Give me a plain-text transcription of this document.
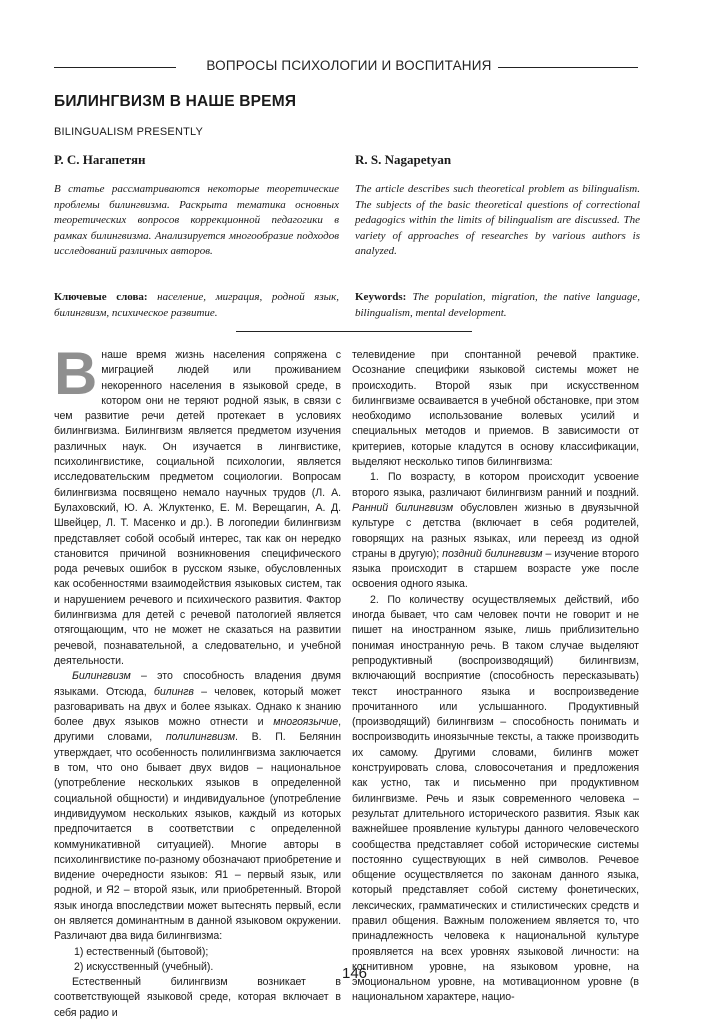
ВОПРОСЫ ПСИХОЛОГИИ И ВОСПИТАНИЯ
БИЛИНГВИЗМ В НАШЕ ВРЕМЯ
BILINGUALISM PRESENTLY
Р. С. Нагапетян	R. S. Nagapetyan
В статье рассматриваются некоторые теоретические проблемы билингвизма. Раскрыта тематика основных теоретических вопросов коррекционной педагогики в рамках билингвизма. Анализируется многообразие подходов исследований различных авторов.
The article describes such theoretical problem as bilingualism. The subjects of the basic theoretical questions of correctional pedagogics within the limits of bilingualism are discussed. The variety of approaches of researches by various authors is analyzed.
Ключевые слова: население, миграция, родной язык, билингвизм, психическое развитие.
Keywords: The population, migration, the native language, bilingualism, mental development.

Внаше время жизнь населения сопряжена с миграцией людей или проживанием некоренного населения в языковой среде, в котором они не теряют родной язык, в связи с чем развитие речи детей протекает в условиях билингвизма. Билингвизм является предметом изучения различных наук. Он изучается в лингвистике, психолингвистике, социальной психологии, является исследовательским предметом социологии. Вопросам билингвизма посвящено немало научных трудов (Л. А. Булаховский, Ю. А. Жлуктенко, Е. М. Верещагин, А. Д. Швейцер, Л. Т. Масенко и др.). В логопедии билингвизм представляет собой особый интерес, так как он нередко становится причиной возникновения специфического рода речевых ошибок в русском языке, обусловленных как особенностями взаимодействия языковых систем, так и нарушением речевого и психического развития. Фактор билингвизма для детей с речевой патологией является отягощающим, что не может не сказаться на развитии речевой, познавательной, а следовательно, и учебной деятельности.

Билингвизм – это способность владения двумя языками. Отсюда, билингв – человек, который может разговаривать на двух и более языках. Однако к знанию более двух языков можно отнести и многоязычие, другими словами, полилингвизм. В. П. Белянин утверждает, что особенность полилингвизма заключается в том, что оно бывает двух видов – национальное (употребление нескольких языков в определенной социальной общности) и индивидуальное (употребление индивидуумом нескольких языков, каждый из которых предпочитается в соответствии с определенной коммуникативной ситуацией). Многие авторы в психолингвистике по-разному обозначают приобретение и видение очередности языков: Я1 – первый язык, или родной, и Я2 – второй язык, или приобретенный. Второй язык иногда впоследствии может вытеснять первый, если он является доминантным в данной языковом окружении. Различают два вида билингвизма:

1) естественный (бытовой);

2) искусственный (учебный).

Естественный билингвизм возникает в соответствующей языковой среде, которая включает в себя радио и

телевидение при спонтанной речевой практике. Осознание специфики языковой системы может не происходить. Второй язык при искусственном билингвизме осваивается в учебной обстановке, при этом необходимо использование волевых усилий и специальных методов и приемов. В зависимости от критериев, которые кладутся в основу классификации, выделяют несколько типов билингвизма:

1. По возрасту, в котором происходит усвоение второго языка, различают билингвизм ранний и поздний. Ранний билингвизм обусловлен жизнью в двуязычной культуре с детства (включает в себя родителей, говорящих на разных языках, или переезд из одной страны в другую); поздний билингвизм – изучение второго языка происходит в старшем возрасте уже после освоения одного языка.

2. По количеству осуществляемых действий, ибо иногда бывает, что сам человек почти не говорит и не пишет на иностранном языке, лишь приблизительно понимая иностранную речь. В таком случае выделяют репродуктивный (воспроизводящий) билингвизм, включающий восприятие (способность пересказывать) текст иностранного языка и воспроизведение прочитанного или услышанного. Продуктивный (производящий) билингвизм – способность понимать и воспроизводить иноязычные тексты, а также производить их самому. Другими словами, билингв может конструировать слова, словосочетания и предложения как устно, так и письменно при продуктивном билингвизме. Речь и язык современного человека – результат длительного исторического развития. Язык как важнейшее проявление культуры данного человеческого сообщества представляет собой исторические системы постоянно существующих в ней символов. Речевое общение осуществляется по законам данного языка, который представляет собой систему фонетических, лексических, грамматических и стилистических средств и правил общения. Важным положением является то, что принадлежность человека к национальной культуре проявляется на всех уровнях языковой личности: на когнитивном уровне, на языковом уровне, на эмоциональном уровне, на мотивационном уровне (в национальном характере, нацио-

146
